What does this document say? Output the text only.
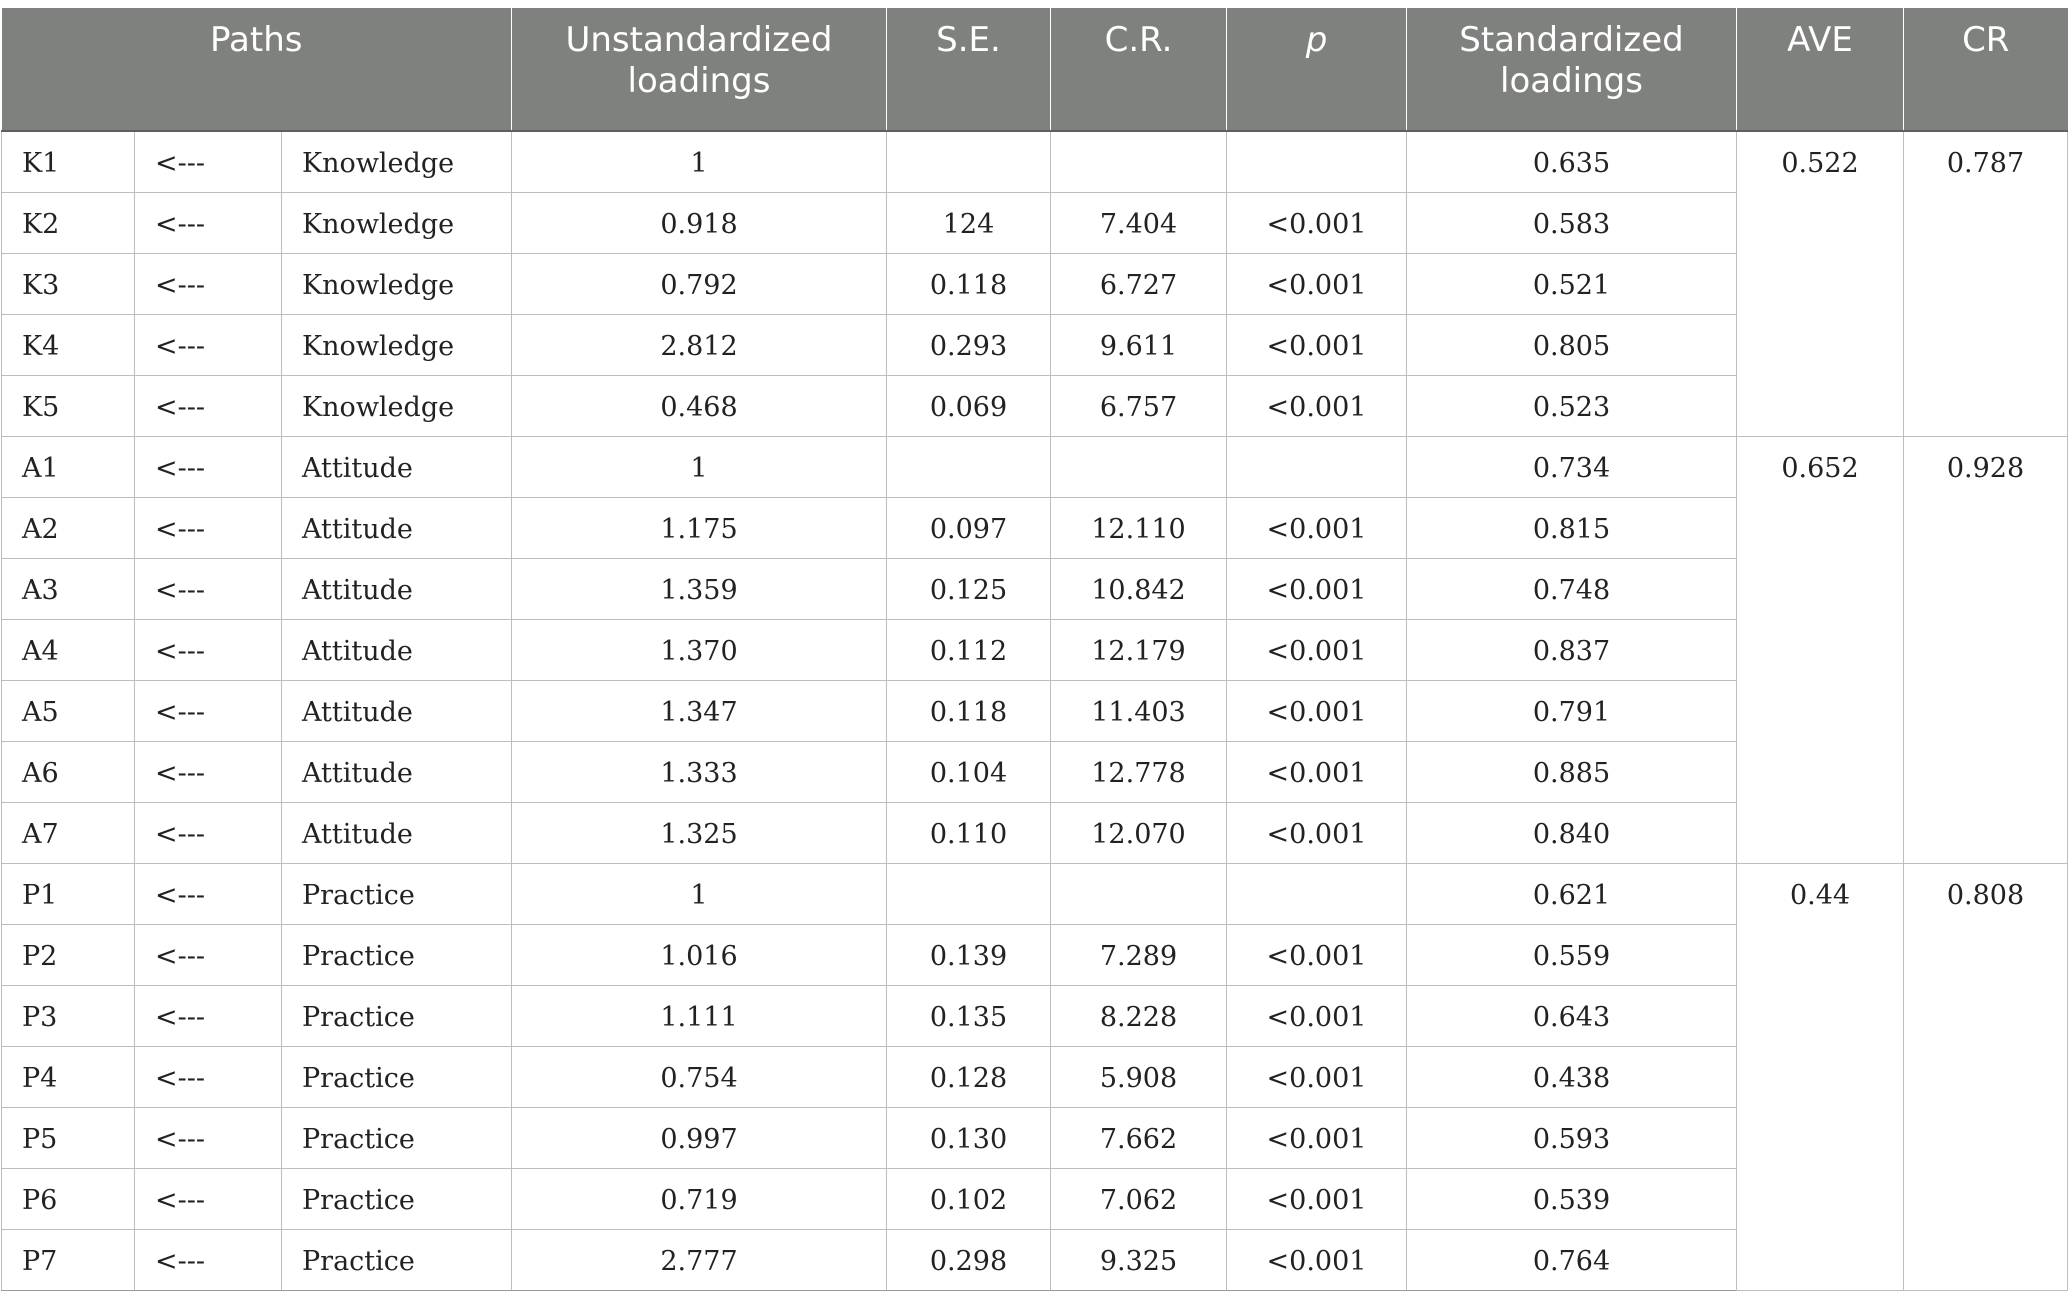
Paths			Unstandardized loadings	S.E.	C.R.	p	Standardized loadings	AVE	CR

K1	<---	Knowledge	1				0.635	0.522	0.787

K2	<---	Knowledge	0.918	124	7.404	<0.001	0.583		

K3	<---	Knowledge	0.792	0.118	6.727	<0.001	0.521		

K4	<---	Knowledge	2.812	0.293	9.611	<0.001	0.805		

K5	<---	Knowledge	0.468	0.069	6.757	<0.001	0.523		

A1	<---	Attitude	1				0.734	0.652	0.928

A2	<---	Attitude	1.175	0.097	12.110	<0.001	0.815		

A3	<---	Attitude	1.359	0.125	10.842	<0.001	0.748		

A4	<---	Attitude	1.370	0.112	12.179	<0.001	0.837		

A5	<---	Attitude	1.347	0.118	11.403	<0.001	0.791		

A6	<---	Attitude	1.333	0.104	12.778	<0.001	0.885		

A7	<---	Attitude	1.325	0.110	12.070	<0.001	0.840		

P1	<---	Practice	1				0.621	0.44	0.808

P2	<---	Practice	1.016	0.139	7.289	<0.001	0.559		

P3	<---	Practice	1.111	0.135	8.228	<0.001	0.643		

P4	<---	Practice	0.754	0.128	5.908	<0.001	0.438		

P5	<---	Practice	0.997	0.130	7.662	<0.001	0.593		

P6	<---	Practice	0.719	0.102	7.062	<0.001	0.539		

P7	<---	Practice	2.777	0.298	9.325	<0.001	0.764		
